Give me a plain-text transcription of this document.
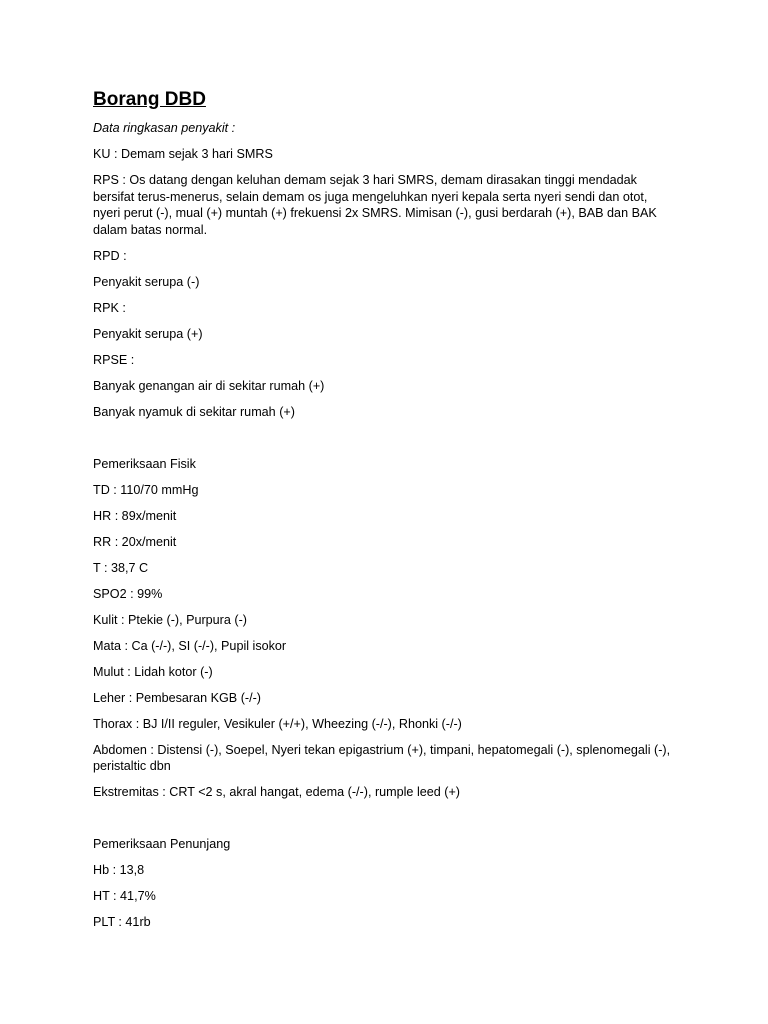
Borang DBD
Data ringkasan penyakit :
KU : Demam sejak 3 hari SMRS
RPS : Os datang dengan keluhan demam sejak 3 hari SMRS, demam dirasakan tinggi mendadak bersifat terus-menerus, selain demam os juga mengeluhkan nyeri kepala serta nyeri sendi dan otot, nyeri perut (-), mual (+) muntah (+) frekuensi 2x SMRS. Mimisan (-), gusi berdarah (+), BAB dan BAK dalam batas normal.
RPD :
Penyakit serupa (-)
RPK :
Penyakit serupa (+)
RPSE :
Banyak genangan air di sekitar rumah (+)
Banyak nyamuk di sekitar rumah (+)
Pemeriksaan Fisik
TD : 110/70 mmHg
HR : 89x/menit
RR : 20x/menit
T : 38,7 C
SPO2 : 99%
Kulit : Ptekie (-), Purpura (-)
Mata : Ca (-/-), SI (-/-), Pupil isokor
Mulut : Lidah kotor (-)
Leher : Pembesaran KGB (-/-)
Thorax : BJ I/II reguler, Vesikuler (+/+), Wheezing (-/-), Rhonki (-/-)
Abdomen : Distensi (-), Soepel, Nyeri tekan epigastrium (+), timpani, hepatomegali (-), splenomegali (-), peristaltic dbn
Ekstremitas : CRT <2 s, akral hangat, edema (-/-), rumple leed (+)
Pemeriksaan Penunjang
Hb : 13,8
HT : 41,7%
PLT : 41rb
